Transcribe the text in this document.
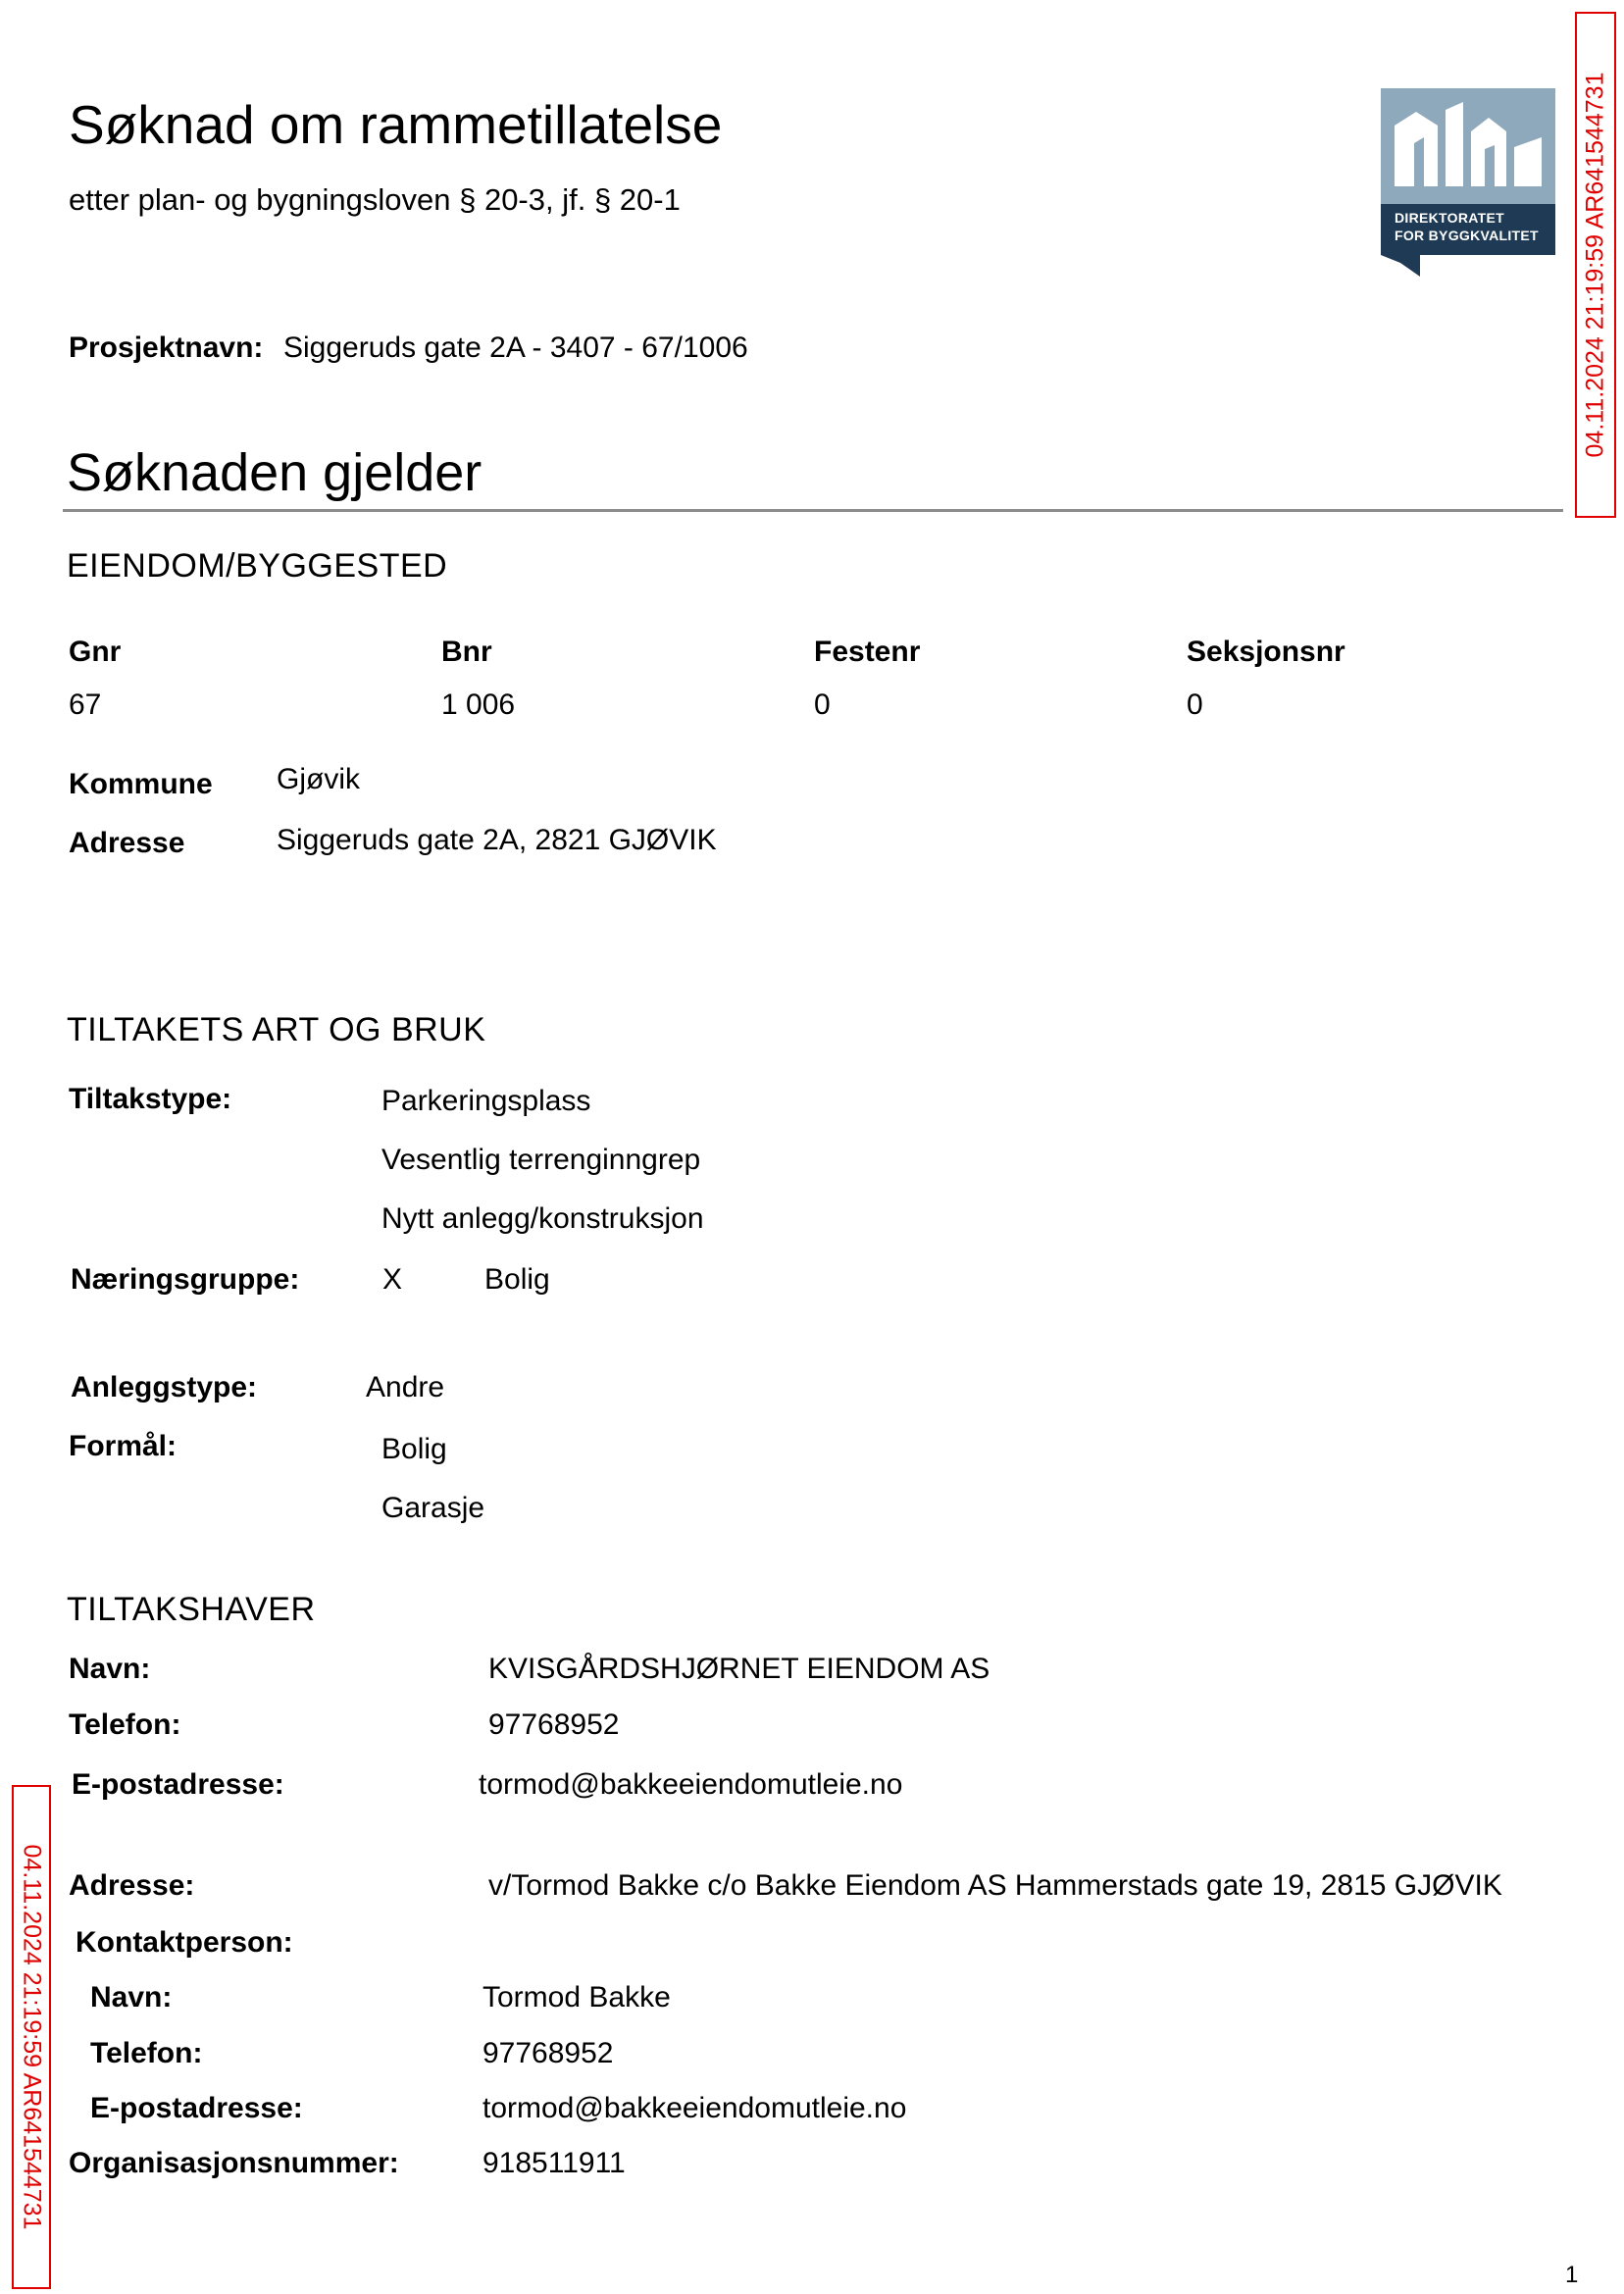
Søknad om rammetillatelse
etter plan- og bygningsloven § 20-3, jf. § 20-1
DIREKTORATET
FOR BYGGKVALITET 04.11.2024 21:19:59 AR641544731
04.11.2024 21:19:59 AR641544731
Prosjektnavn: Siggeruds gate 2A - 3407 - 67/1006
Søknaden gjelder
EIENDOM/BYGGESTED
Gnr	Bnr	Festenr	Seksjonsnr
67	1 006	0	0
Kommune Gjøvik
Adresse	Siggeruds gate 2A, 2821 GJØVIK
TILTAKETS ART OG BRUK
Tiltakstype:	Parkeringsplass
Vesentlig terrenginngrep
Nytt anlegg/konstruksjon
Næringsgruppe:	X	Bolig
Anleggstype:	Andre
Formål:	Bolig
Garasje
TILTAKSHAVER
Navn:	KVISGÅRDSHJØRNET EIENDOM AS
Telefon:	97768952
E-postadresse:	tormod@bakkeeiendomutleie.no
Adresse:	v/Tormod Bakke c/o Bakke Eiendom AS Hammerstads gate 19, 2815 GJØVIK
Kontaktperson:
Navn:	Tormod Bakke
Telefon:	97768952
E-postadresse:	tormod@bakkeeiendomutleie.no
Organisasjonsnummer:	918511911
1
